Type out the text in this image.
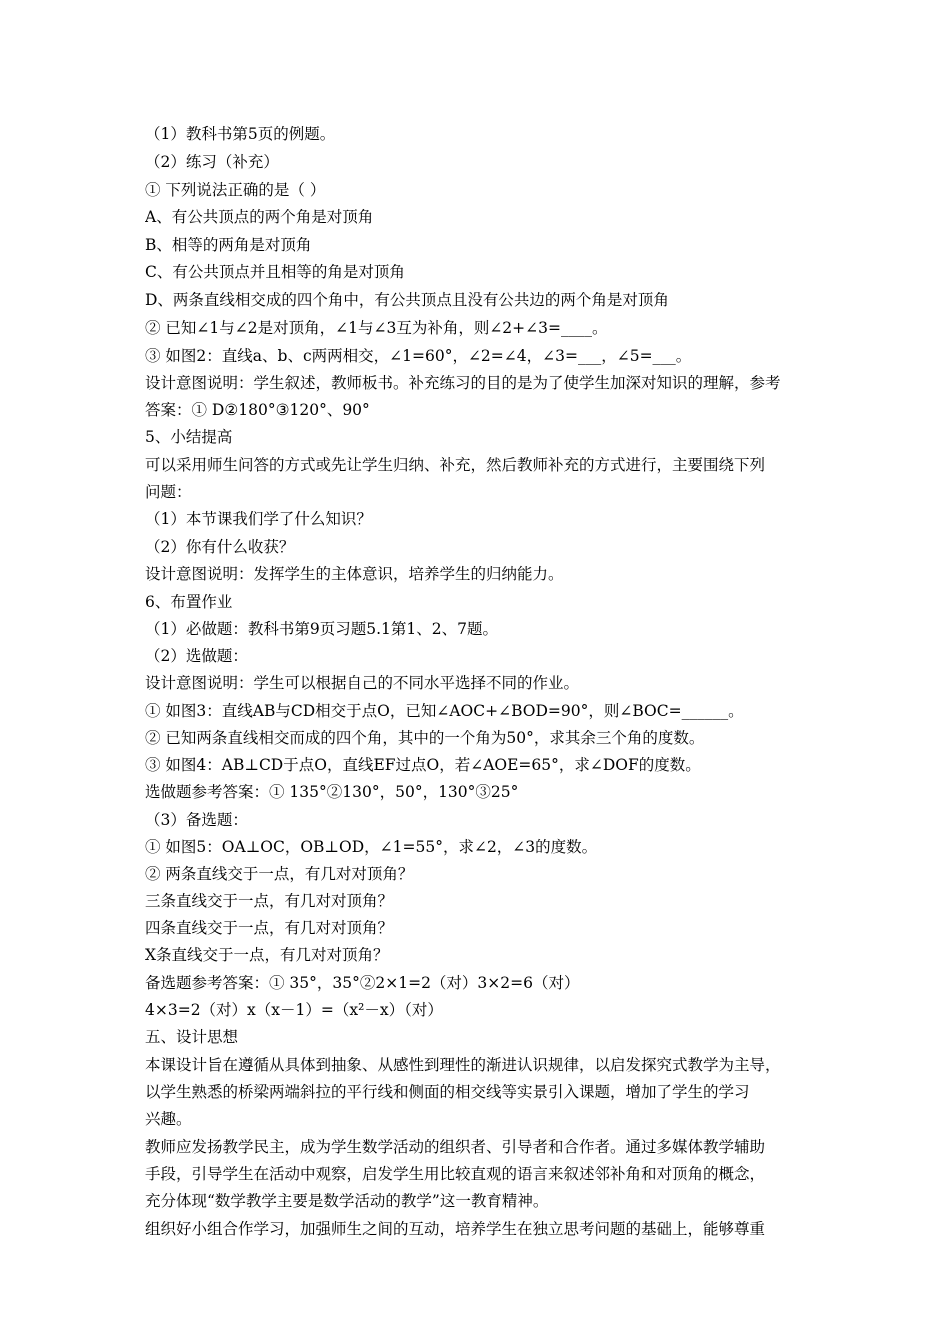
（1）教科书第5页的例题。
（2）练习（补充）
① 下列说法正确的是（ ）
A、有公共顶点的两个角是对顶角
B、相等的两角是对顶角
C、有公共顶点并且相等的角是对顶角
D、两条直线相交成的四个角中，有公共顶点且没有公共边的两个角是对顶角
② 已知∠1与∠2是对顶角，∠1与∠3互为补角，则∠2+∠3=____。
③ 如图2：直线a、b、c两两相交，∠1=60°，∠2=∠4，∠3=___，∠5=___。
设计意图说明：学生叙述，教师板书。补充练习的目的是为了使学生加深对知识的理解，参考
答案：① D②180°③120°、90°
5、小结提高
可以采用师生问答的方式或先让学生归纳、补充，然后教师补充的方式进行，主要围绕下列
问题：
（1）本节课我们学了什么知识？
（2）你有什么收获？
设计意图说明：发挥学生的主体意识，培养学生的归纳能力。
6、布置作业
（1）必做题：教科书第9页习题5.1第1、2、7题。
（2）选做题：
设计意图说明：学生可以根据自己的不同水平选择不同的作业。
① 如图3：直线AB与CD相交于点O，已知∠AOC+∠BOD=90°，则∠BOC=______。
② 已知两条直线相交而成的四个角，其中的一个角为50°，求其余三个角的度数。
③ 如图4：AB⊥CD于点O，直线EF过点O，若∠AOE=65°，求∠DOF的度数。
选做题参考答案：① 135°②130°，50°，130°③25°
（3）备选题：
① 如图5：OA⊥OC，OB⊥OD，∠1=55°，求∠2，∠3的度数。
② 两条直线交于一点，有几对对顶角？
三条直线交于一点，有几对对顶角？
四条直线交于一点，有几对对顶角？
X条直线交于一点，有几对对顶角？
备选题参考答案：① 35°，35°②2×1=2（对）3×2=6（对）
4×3=2（对）x（x－1）=（x²－x）（对）
五、设计思想
本课设计旨在遵循从具体到抽象、从感性到理性的渐进认识规律，以启发探究式教学为主导，
以学生熟悉的桥梁两端斜拉的平行线和侧面的相交线等实景引入课题，增加了学生的学习
兴趣。
教师应发扬教学民主，成为学生数学活动的组织者、引导者和合作者。通过多媒体教学辅助
手段，引导学生在活动中观察，启发学生用比较直观的语言来叙述邻补角和对顶角的概念，
充分体现“数学教学主要是数学活动的教学”这一教育精神。
组织好小组合作学习，加强师生之间的互动，培养学生在独立思考问题的基础上，能够尊重
